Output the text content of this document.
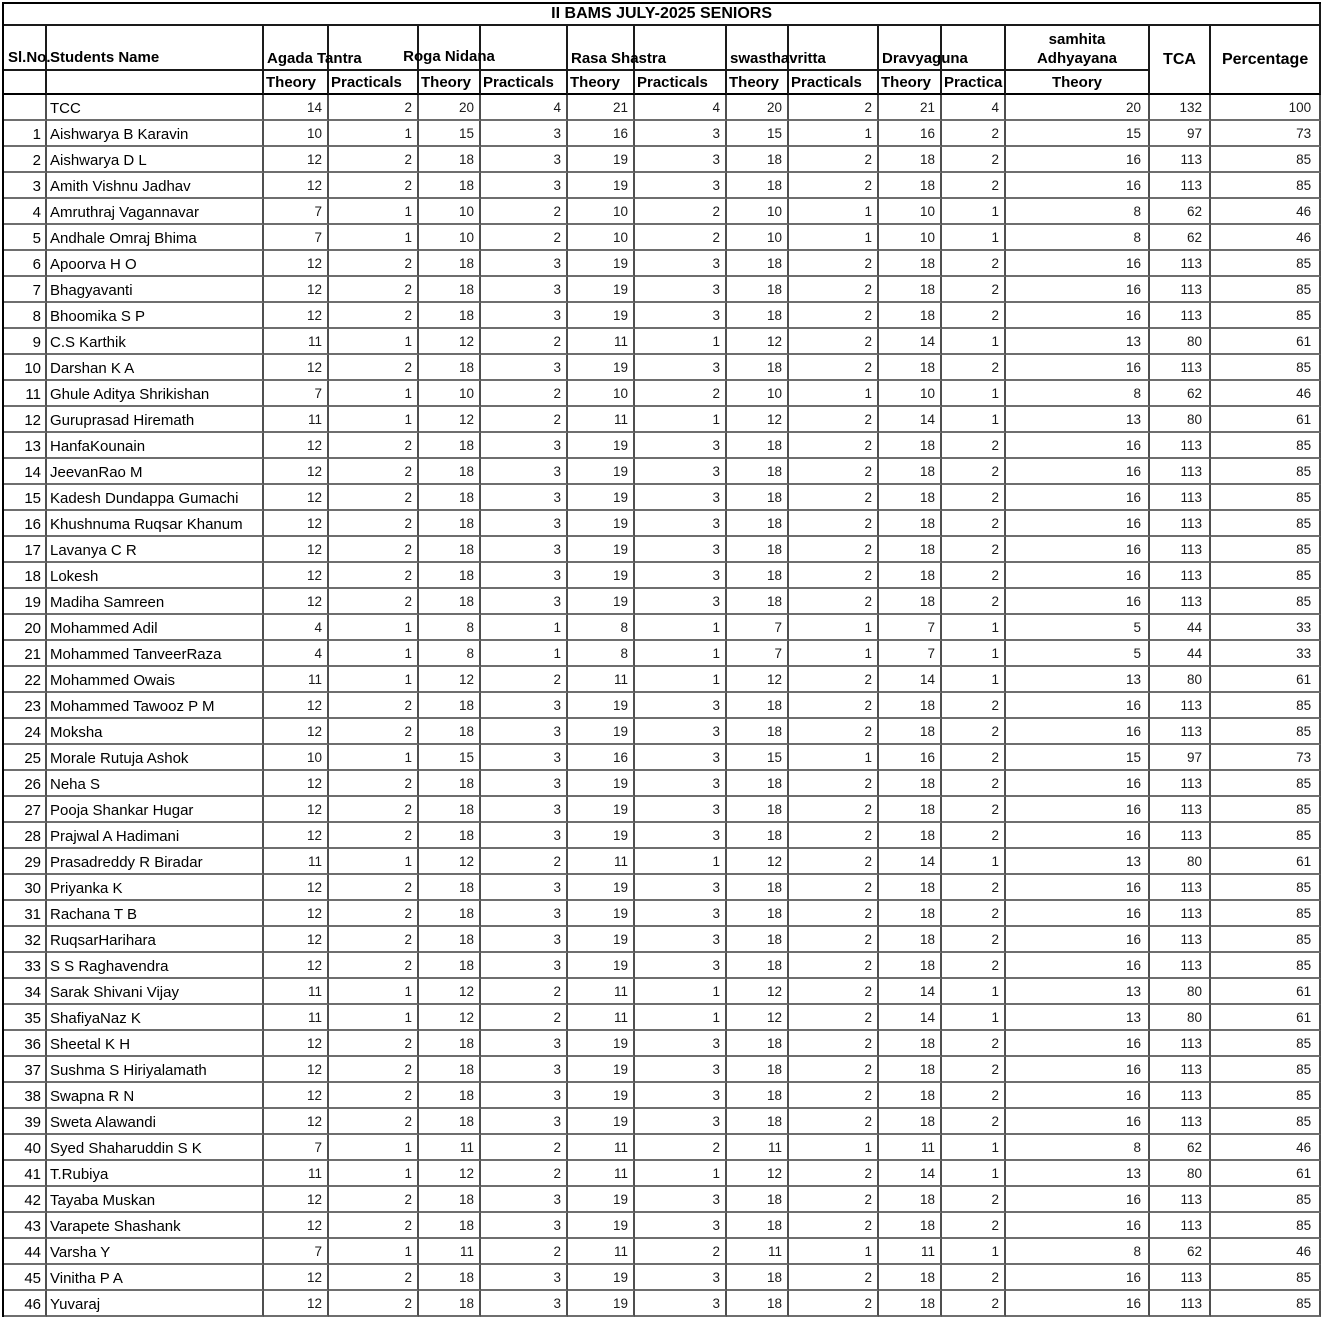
II BAMS JULY-2025 SENIORS														
Sl.No.	Students Name	Agada Tantra		Roga Nidana		Rasa Shastra		swasthavritta		Dravyaguna		samhita Adhyayana	TCA	Percentage
		Theory	Practicals	Theory	Practicals	Theory	Practicals	Theory	Practicals	Theory	Practica	Theory		
	TCC	14	2	20	4	21	4	20	2	21	4	20	132	100
1	Aishwarya B Karavin	10	1	15	3	16	3	15	1	16	2	15	97	73
2	Aishwarya D L	12	2	18	3	19	3	18	2	18	2	16	113	85
3	Amith Vishnu Jadhav	12	2	18	3	19	3	18	2	18	2	16	113	85
4	Amruthraj Vagannavar	7	1	10	2	10	2	10	1	10	1	8	62	46
5	Andhale Omraj Bhima	7	1	10	2	10	2	10	1	10	1	8	62	46
6	Apoorva H O	12	2	18	3	19	3	18	2	18	2	16	113	85
7	Bhagyavanti	12	2	18	3	19	3	18	2	18	2	16	113	85
8	Bhoomika S P	12	2	18	3	19	3	18	2	18	2	16	113	85
9	C.S Karthik	11	1	12	2	11	1	12	2	14	1	13	80	61
10	Darshan K A	12	2	18	3	19	3	18	2	18	2	16	113	85
11	Ghule Aditya Shrikishan	7	1	10	2	10	2	10	1	10	1	8	62	46
12	Guruprasad Hiremath	11	1	12	2	11	1	12	2	14	1	13	80	61
13	HanfaKounain	12	2	18	3	19	3	18	2	18	2	16	113	85
14	JeevanRao M	12	2	18	3	19	3	18	2	18	2	16	113	85
15	Kadesh Dundappa Gumachi	12	2	18	3	19	3	18	2	18	2	16	113	85
16	Khushnuma Ruqsar Khanum	12	2	18	3	19	3	18	2	18	2	16	113	85
17	Lavanya C R	12	2	18	3	19	3	18	2	18	2	16	113	85
18	Lokesh	12	2	18	3	19	3	18	2	18	2	16	113	85
19	Madiha Samreen	12	2	18	3	19	3	18	2	18	2	16	113	85
20	Mohammed Adil	4	1	8	1	8	1	7	1	7	1	5	44	33
21	Mohammed TanveerRaza	4	1	8	1	8	1	7	1	7	1	5	44	33
22	Mohammed Owais	11	1	12	2	11	1	12	2	14	1	13	80	61
23	Mohammed Tawooz P M	12	2	18	3	19	3	18	2	18	2	16	113	85
24	Moksha	12	2	18	3	19	3	18	2	18	2	16	113	85
25	Morale Rutuja Ashok	10	1	15	3	16	3	15	1	16	2	15	97	73
26	Neha S	12	2	18	3	19	3	18	2	18	2	16	113	85
27	Pooja Shankar Hugar	12	2	18	3	19	3	18	2	18	2	16	113	85
28	Prajwal A Hadimani	12	2	18	3	19	3	18	2	18	2	16	113	85
29	Prasadreddy R Biradar	11	1	12	2	11	1	12	2	14	1	13	80	61
30	Priyanka K	12	2	18	3	19	3	18	2	18	2	16	113	85
31	Rachana T B	12	2	18	3	19	3	18	2	18	2	16	113	85
32	RuqsarHarihara	12	2	18	3	19	3	18	2	18	2	16	113	85
33	S S Raghavendra	12	2	18	3	19	3	18	2	18	2	16	113	85
34	Sarak Shivani Vijay	11	1	12	2	11	1	12	2	14	1	13	80	61
35	ShafiyaNaz K	11	1	12	2	11	1	12	2	14	1	13	80	61
36	Sheetal K H	12	2	18	3	19	3	18	2	18	2	16	113	85
37	Sushma S Hiriyalamath	12	2	18	3	19	3	18	2	18	2	16	113	85
38	Swapna R N	12	2	18	3	19	3	18	2	18	2	16	113	85
39	Sweta Alawandi	12	2	18	3	19	3	18	2	18	2	16	113	85
40	Syed Shaharuddin S K	7	1	11	2	11	2	11	1	11	1	8	62	46
41	T.Rubiya	11	1	12	2	11	1	12	2	14	1	13	80	61
42	Tayaba Muskan	12	2	18	3	19	3	18	2	18	2	16	113	85
43	Varapete Shashank	12	2	18	3	19	3	18	2	18	2	16	113	85
44	Varsha Y	7	1	11	2	11	2	11	1	11	1	8	62	46
45	Vinitha P A	12	2	18	3	19	3	18	2	18	2	16	113	85
46	Yuvaraj	12	2	18	3	19	3	18	2	18	2	16	113	85
